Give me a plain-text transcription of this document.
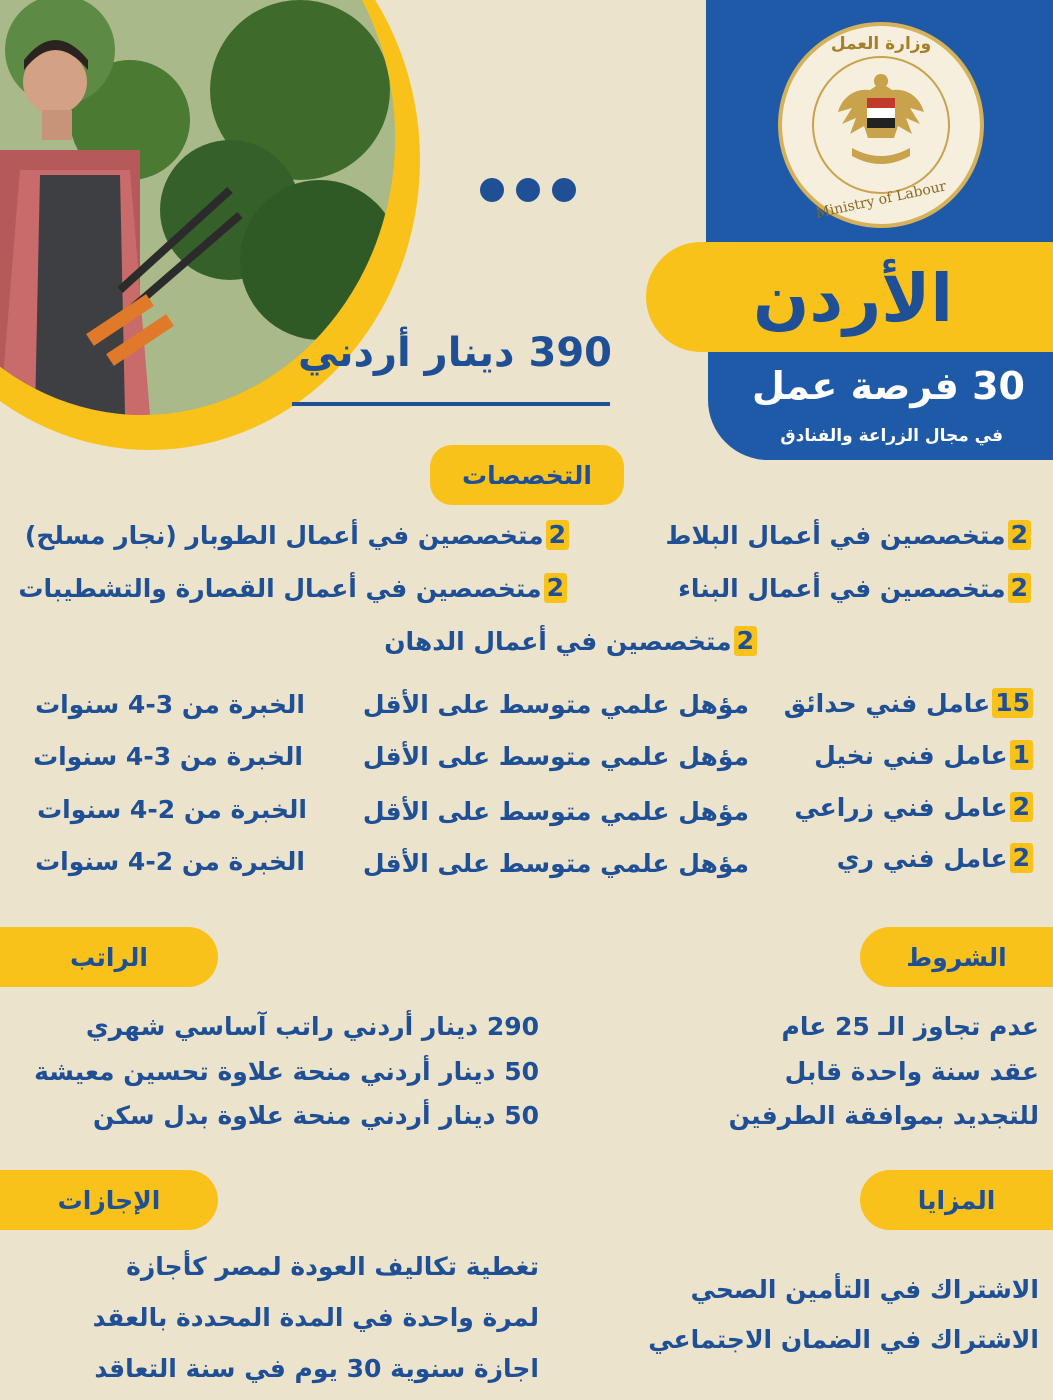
وزارة العمل
Ministry of Labour
الأردن
30 فرصة عمل
في مجال الزراعة والفنادق
390 دينار أردني
التخصصات
2
متخصصين في أعمال البلاط
2
متخصصين في أعمال الطوبار (نجار مسلح)
2
متخصصين في أعمال البناء
2
متخصصين في أعمال القصارة والتشطيبات
2
متخصصين في أعمال الدهان
15
عامل فني حدائق
مؤهل علمي متوسط على الأقل
الخبرة من 3-4 سنوات
1
عامل فني نخيل
مؤهل علمي متوسط على الأقل
الخبرة من 3-4 سنوات
2
عامل فني زراعي
مؤهل علمي متوسط على الأقل
الخبرة من 2-4 سنوات
2
عامل فني ري
مؤهل علمي متوسط على الأقل
الخبرة من 2-4 سنوات
الشروط
الراتب
عدم تجاوز الـ 25 عام
عقد سنة واحدة قابل
للتجديد بموافقة الطرفين
290 دينار أردني راتب آساسي شهري
50 دينار أردني منحة علاوة تحسين معيشة
50 دينار أردني منحة علاوة بدل سكن
المزايا
الإجازات
الاشتراك في التأمين الصحي
الاشتراك في الضمان الاجتماعي
تغطية تكاليف العودة لمصر كأجازة
لمرة واحدة في المدة المحددة بالعقد
اجازة سنوية 30 يوم في سنة التعاقد
